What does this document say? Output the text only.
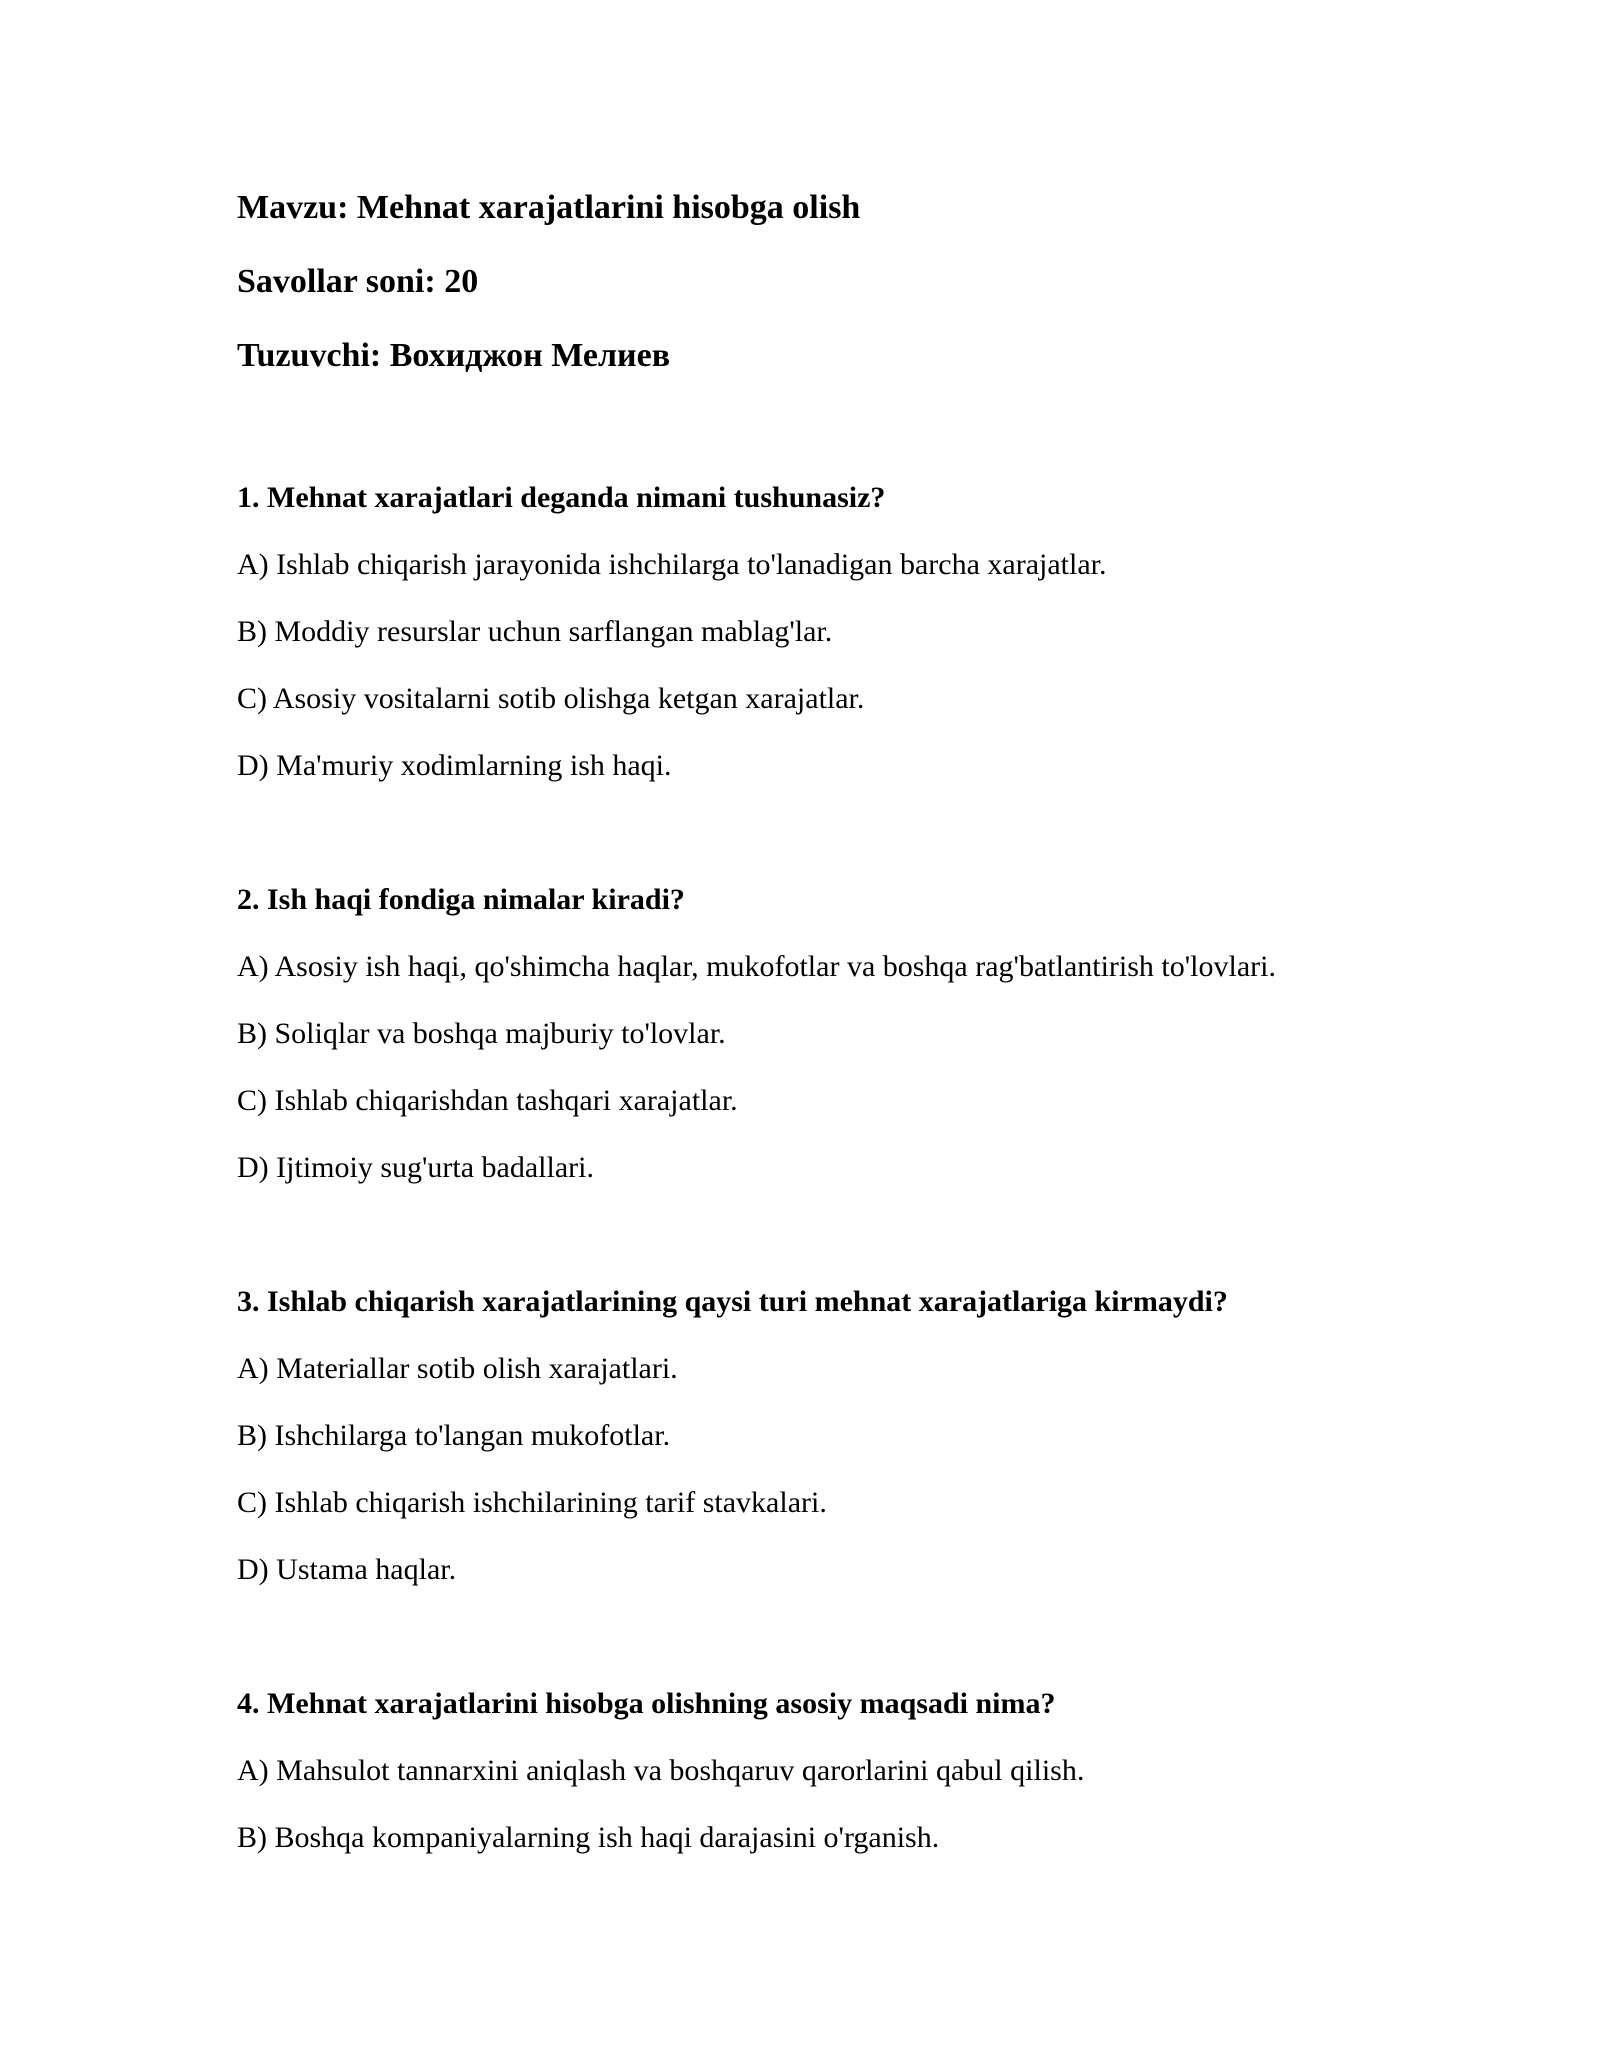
Mavzu: Mehnat xarajatlarini hisobga olish
Savollar soni: 20
Tuzuvchi: Вохиджон Мелиев
1. Mehnat xarajatlari deganda nimani tushunasiz?
A) Ishlab chiqarish jarayonida ishchilarga to'lanadigan barcha xarajatlar.
B) Moddiy resurslar uchun sarflangan mablag'lar.
C) Asosiy vositalarni sotib olishga ketgan xarajatlar.
D) Ma'muriy xodimlarning ish haqi.
2. Ish haqi fondiga nimalar kiradi?
A) Asosiy ish haqi, qo'shimcha haqlar, mukofotlar va boshqa rag'batlantirish to'lovlari.
B) Soliqlar va boshqa majburiy to'lovlar.
C) Ishlab chiqarishdan tashqari xarajatlar.
D) Ijtimoiy sug'urta badallari.
3. Ishlab chiqarish xarajatlarining qaysi turi mehnat xarajatlariga kirmaydi?
A) Materiallar sotib olish xarajatlari.
B) Ishchilarga to'langan mukofotlar.
C) Ishlab chiqarish ishchilarining tarif stavkalari.
D) Ustama haqlar.
4. Mehnat xarajatlarini hisobga olishning asosiy maqsadi nima?
A) Mahsulot tannarxini aniqlash va boshqaruv qarorlarini qabul qilish.
B) Boshqa kompaniyalarning ish haqi darajasini o'rganish.
